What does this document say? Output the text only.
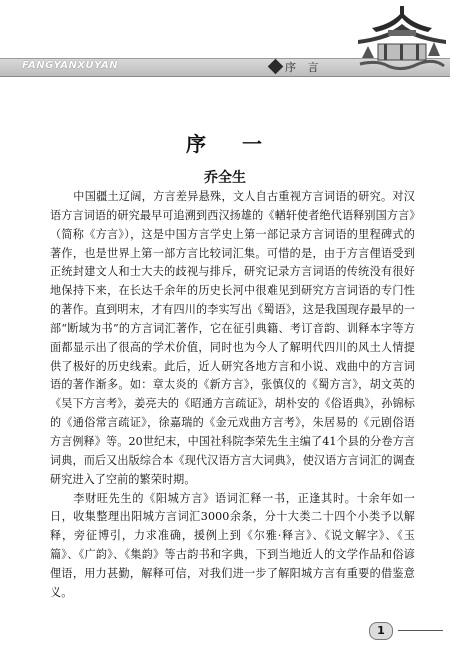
FANGYANXUYAN	序 言
序 一
乔全生

中国疆土辽阔，方言差异悬殊，文人自古重视方言词语的研究。对汉语方言词语的研究最早可追溯到西汉扬雄的《輶轩使者绝代语释别国方言》（简称《方言》），这是中国方言学史上第一部记录方言词语的里程碑式的著作，也是世界上第一部方言比较词汇集。可惜的是，由于方言俚语受到正统封建文人和士大夫的歧视与排斥，研究记录方言词语的传统没有很好地保持下来，在长达千余年的历史长河中很难见到研究方言词语的专门性的著作。直到明末，才有四川的李实写出《蜀语》，这是我国现存最早的一部“断域为书”的方言词汇著作，它在征引典籍、考订音韵、训释本字等方面都显示出了很高的学术价值，同时也为今人了解明代四川的风土人情提供了极好的历史线索。此后，近人研究各地方言和小说、戏曲中的方言词语的著作渐多。如：章太炎的《新方言》，张慎仪的《蜀方言》，胡文英的《吴下方言考》，姜亮夫的《昭通方言疏证》，胡朴安的《俗语典》，孙锦标的《通俗常言疏证》，徐嘉瑞的《金元戏曲方言考》，朱居易的《元剧俗语方言例释》等。20世纪末，中国社科院李荣先生主编了41个县的分卷方言词典，而后又出版综合本《现代汉语方言大词典》，使汉语方言词汇的调查研究进入了空前的繁荣时期。

李财旺先生的《阳城方言》语词汇释一书，正逢其时。十余年如一日，收集整理出阳城方言词汇3000余条，分十大类二十四个小类予以解释，旁征博引，力求准确，援例上到《尔雅·释言》、《说文解字》、《玉篇》、《广韵》、《集韵》等古韵书和字典，下到当地近人的文学作品和俗谚俚语，用力甚勤，解释可信，对我们进一步了解阳城方言有重要的借鉴意义。

1
